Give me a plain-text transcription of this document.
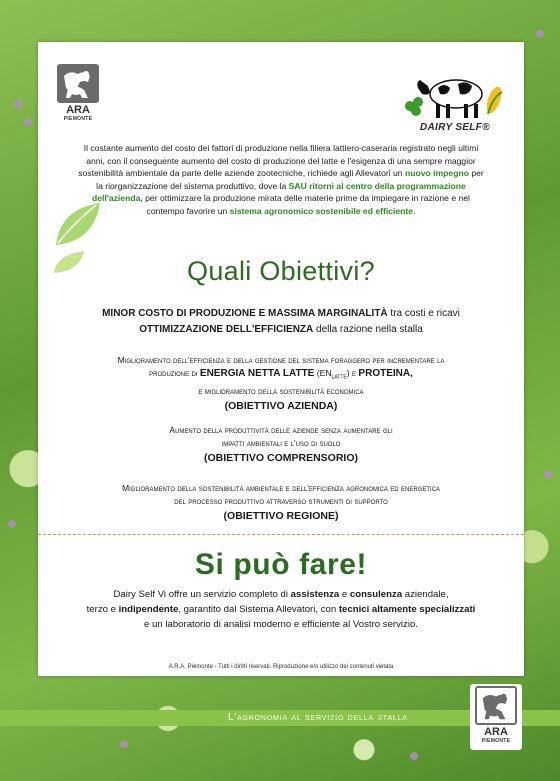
ARA
PIEMONTE
DAIRY SELF®
Il costante aumento del costo dei fattori di produzione nella filiera lattiero-caseraria registrato negli ultimi anni, con il conseguente aumento del costo di produzione del latte e l'esigenza di una sempre maggior sostenibilità ambientale da parte delle aziende zootecniche, richiede agli Allevatori un nuovo impegno per la riorganizzazione del sistema produttivo, dove la SAU ritorni al centro della programmazione dell'azienda, per ottimizzare la produzione mirata delle materie prime da impiegare in razione e nel contempo favorire un sistema agronomico sostenibile ed efficiente.
Quali Obiettivi?
MINOR COSTO DI PRODUZIONE E MASSIMA MARGINALITÀ tra costi e ricavi
OTTIMIZZAZIONE DELL'EFFICIENZA della razione nella stalla
Miglioramento dell'efficienza e della gestione del sistema foraggero per incrementare la
produzione di ENERGIA NETTA LATTE $(EN_{LATTE})$ e PROTEINA,
e miglioramento della sostenibilità economica
(OBIETTIVO AZIENDA)
Aumento della produttività delle aziende senza aumentare gli
impatti ambientali e l'uso di suolo
(OBIETTIVO COMPRENSORIO)
Miglioramento della sostenibilità ambientale e dell'efficienza agronomica ed energetica
del processo produttivo attraverso strumenti di supporto
(OBIETTIVO REGIONE)
Si può fare!
Dairy Self Vi offre un servizio completo di assistenza e consulenza aziendale,
terzo e indipendente, garantito dal Sistema Allevatori, con tecnici altamente specializzati
e un laboratorio di analisi moderno e efficiente al Vostro servizio.
A.R.A. Piemonte - Tutti i diritti riservati. Riproduzione e/o utilizzo dei contenuti vietata
L'agronomia al servizio della stalla
ARA
PIEMONTE
